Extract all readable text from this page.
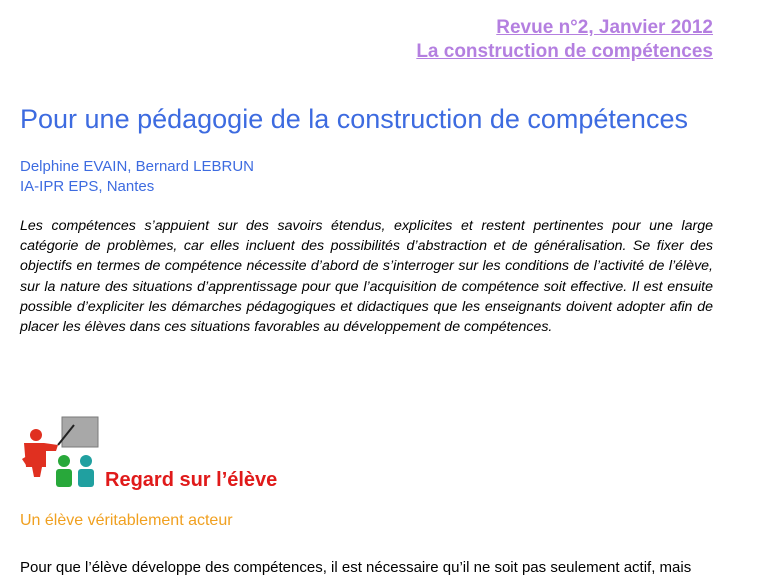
Revue n°2, Janvier 2012
La construction de compétences
Pour une pédagogie de la construction de compétences
Delphine EVAIN, Bernard LEBRUN
IA-IPR EPS, Nantes

Les compétences s’appuient sur des savoirs étendus, explicites et restent pertinentes pour une large catégorie de problèmes, car elles incluent des possibilités d’abstraction et de généralisation. Se fixer des objectifs en termes de compétence nécessite d’abord de s’interroger sur les conditions de l’activité de l’élève, sur la nature des situations d’apprentissage pour que l’acquisition de compétence soit effective. Il est ensuite possible d’expliciter les démarches pédagogiques et didactiques que les enseignants doivent adopter afin de placer les élèves dans ces situations favorables au développement de compétences.

Regard sur l’élève
Un élève véritablement acteur

Pour que l’élève développe des compétences, il est nécessaire qu’il ne soit pas seulement actif, mais
